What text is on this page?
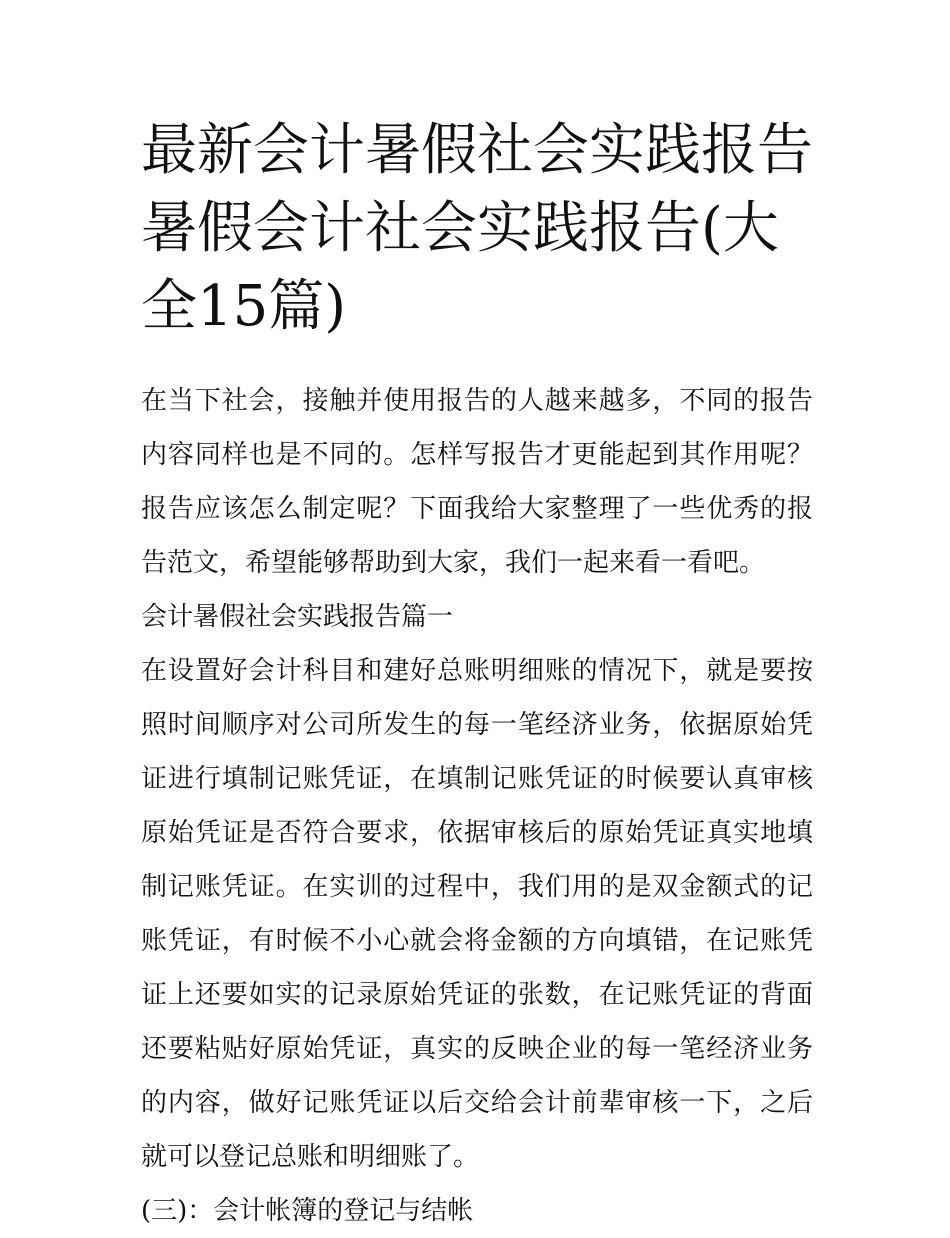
最新会计暑假社会实践报告 暑假会计社会实践报告(大全15篇)

在当下社会，接触并使用报告的人越来越多，不同的报告内容同样也是不同的。怎样写报告才更能起到其作用呢？报告应该怎么制定呢？下面我给大家整理了一些优秀的报告范文，希望能够帮助到大家，我们一起来看一看吧。

会计暑假社会实践报告篇一

在设置好会计科目和建好总账明细账的情况下，就是要按照时间顺序对公司所发生的每一笔经济业务，依据原始凭证进行填制记账凭证，在填制记账凭证的时候要认真审核原始凭证是否符合要求，依据审核后的原始凭证真实地填制记账凭证。在实训的过程中，我们用的是双金额式的记账凭证，有时候不小心就会将金额的方向填错，在记账凭证上还要如实的记录原始凭证的张数，在记账凭证的背面还要粘贴好原始凭证，真实的反映企业的每一笔经济业务的内容，做好记账凭证以后交给会计前辈审核一下，之后就可以登记总账和明细账了。

(三)：会计帐簿的登记与结帐
